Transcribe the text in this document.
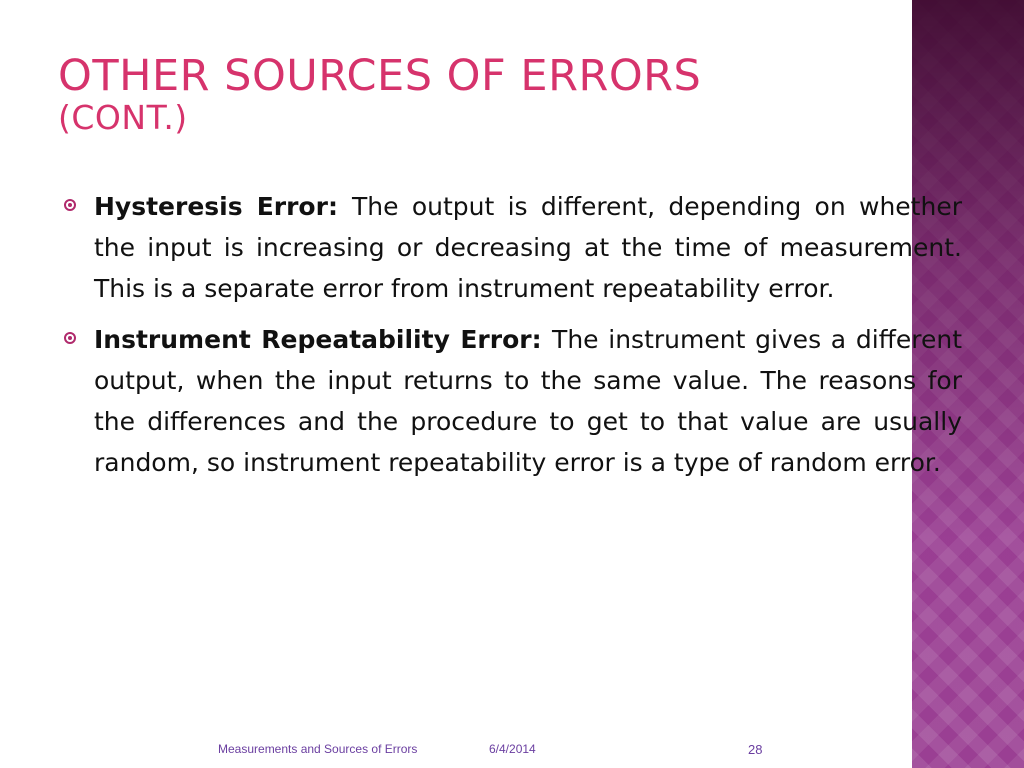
OTHER SOURCES OF ERRORS
(CONT.)
Hysteresis Error: The output is different, depending on whether the input is increasing or decreasing at the time of measurement. This is a separate error from instrument repeatability error.
Instrument Repeatability Error: The instrument gives a different output, when the input returns to the same value. The reasons for the differences and the procedure to get to that value are usually random, so instrument repeatability error is a type of random error.
Measurements and Sources of Errors	6/4/2014	28
